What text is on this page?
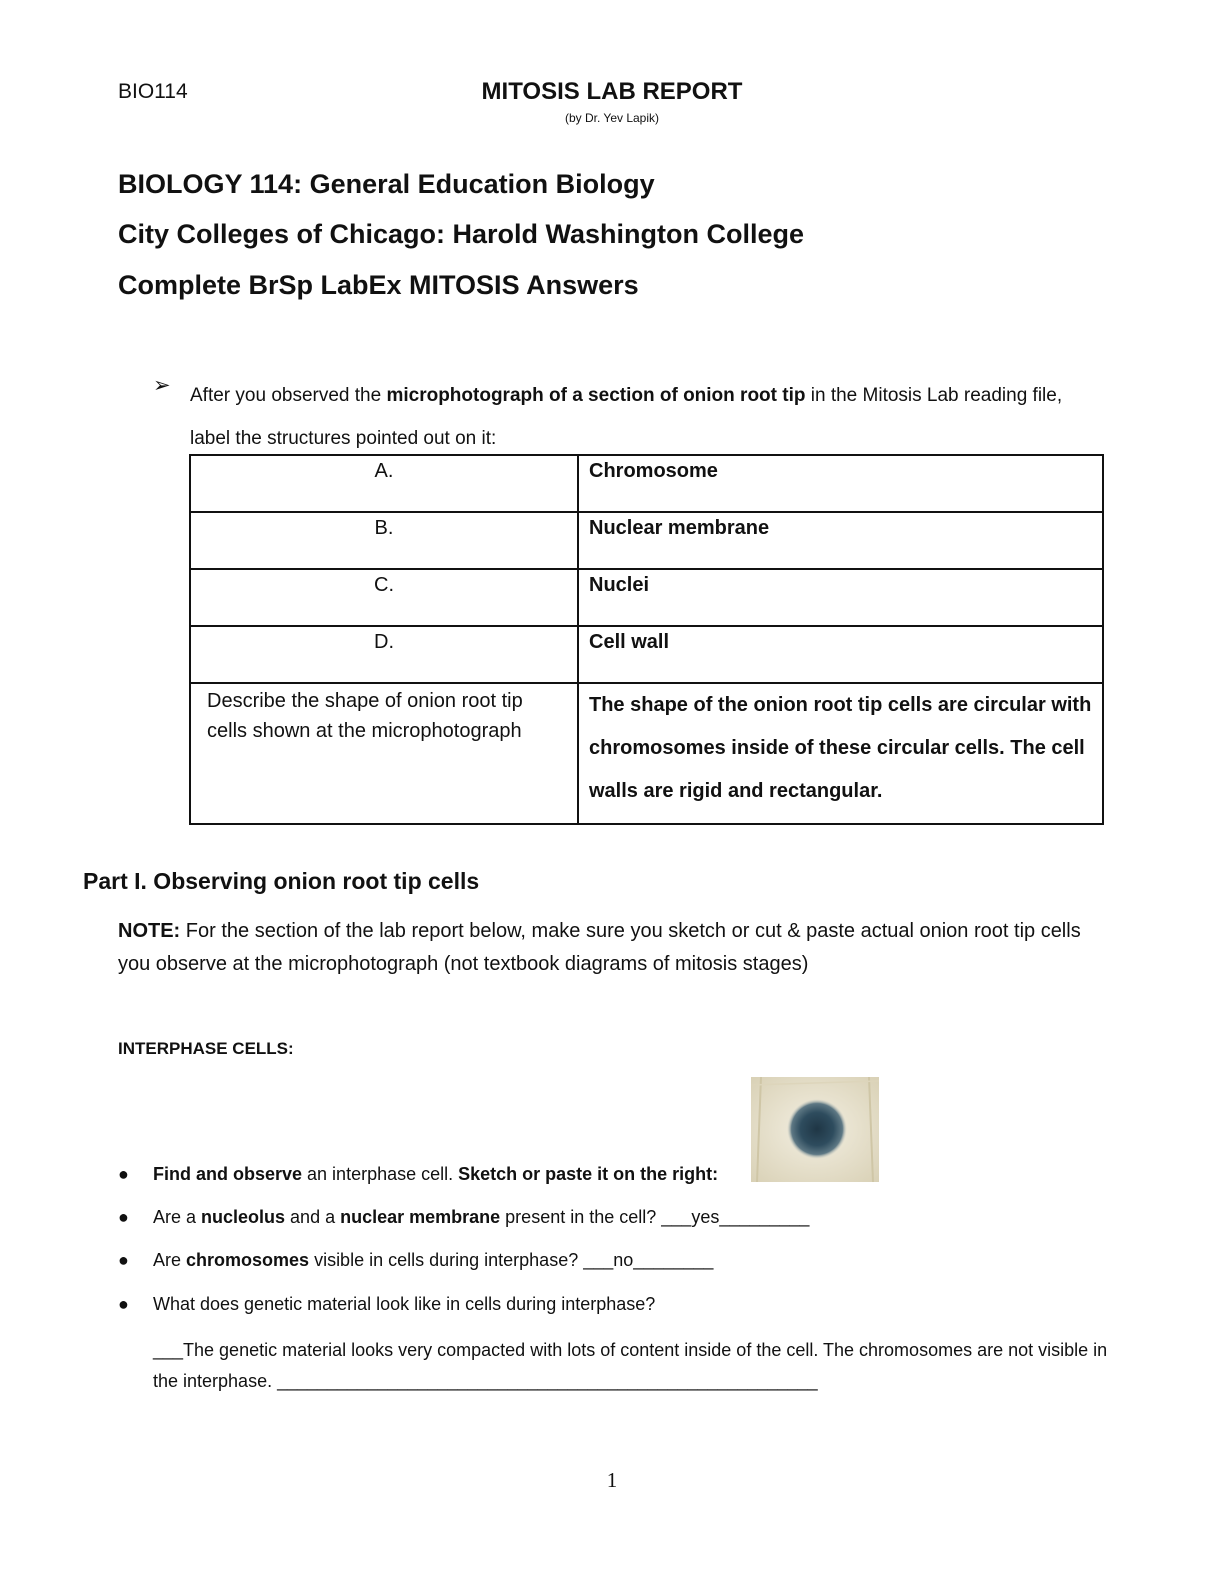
BIO114	MITOSIS LAB REPORT
(by Dr. Yev Lapik)
BIOLOGY 114: General Education Biology
City Colleges of Chicago: Harold Washington College
Complete BrSp LabEx MITOSIS Answers
➢ After you observed the microphotograph of a section of onion root tip in the Mitosis Lab reading file, label the structures pointed out on it:
A.	Chromosome
B.	Nuclear membrane
C.	Nuclei
D.	Cell wall
Describe the shape of onion root tip cells shown at the microphotograph	The shape of the onion root tip cells are circular with chromosomes inside of these circular cells. The cell walls are rigid and rectangular.
Part I. Observing onion root tip cells
NOTE: For the section of the lab report below, make sure you sketch or cut & paste actual onion root tip cells you observe at the microphotograph (not textbook diagrams of mitosis stages)
INTERPHASE CELLS:
● Find and observe an interphase cell. Sketch or paste it on the right:
● Are a nucleolus and a nuclear membrane present in the cell? ___yes_________
● Are chromosomes visible in cells during interphase? ___no________
● What does genetic material look like in cells during interphase?
___The genetic material looks very compacted with lots of content inside of the cell. The chromosomes are not visible in the interphase. ______________________________________________________
1
